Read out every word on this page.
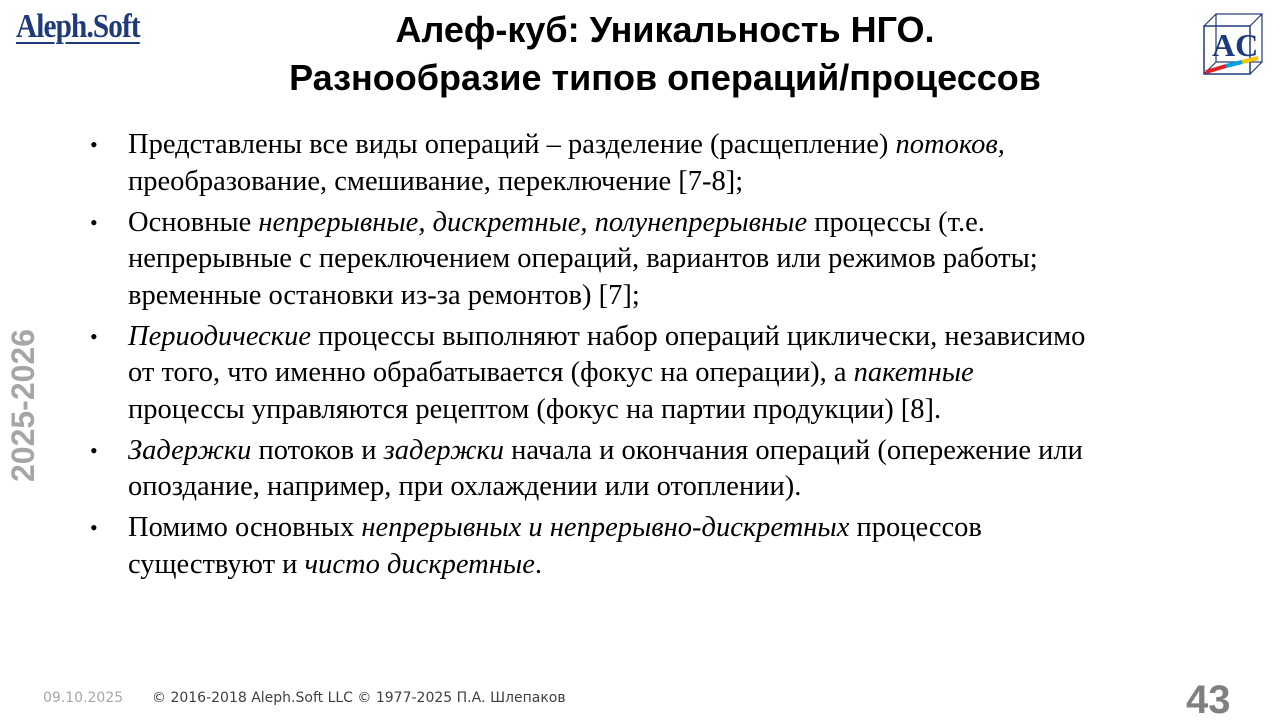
Aleph.Soft	Алеф-куб: Уникальность НГО.
Разнообразие типов операций/процессов
AC
2025-2026
• Представлены все виды операций – разделение (расщепление) потоков, преобразование, смешивание, переключение [7-8];
• Основные непрерывные, дискретные, полунепрерывные процессы (т.е. непрерывные с переключением операций, вариантов или режимов работы; временные остановки из-за ремонтов) [7];
• Периодические процессы выполняют набор операций циклически, независимо от того, что именно обрабатывается (фокус на операции), а пакетные процессы управляются рецептом (фокус на партии продукции) [8].
• Задержки потоков и задержки начала и окончания операций (опережение или опоздание, например, при охлаждении или отоплении).
• Помимо основных непрерывных и непрерывно-дискретных процессов существуют и чисто дискретные.
09.10.2025 © 2016-2018 Aleph.Soft LLC © 1977-2025 П.А. Шлепаков	43
